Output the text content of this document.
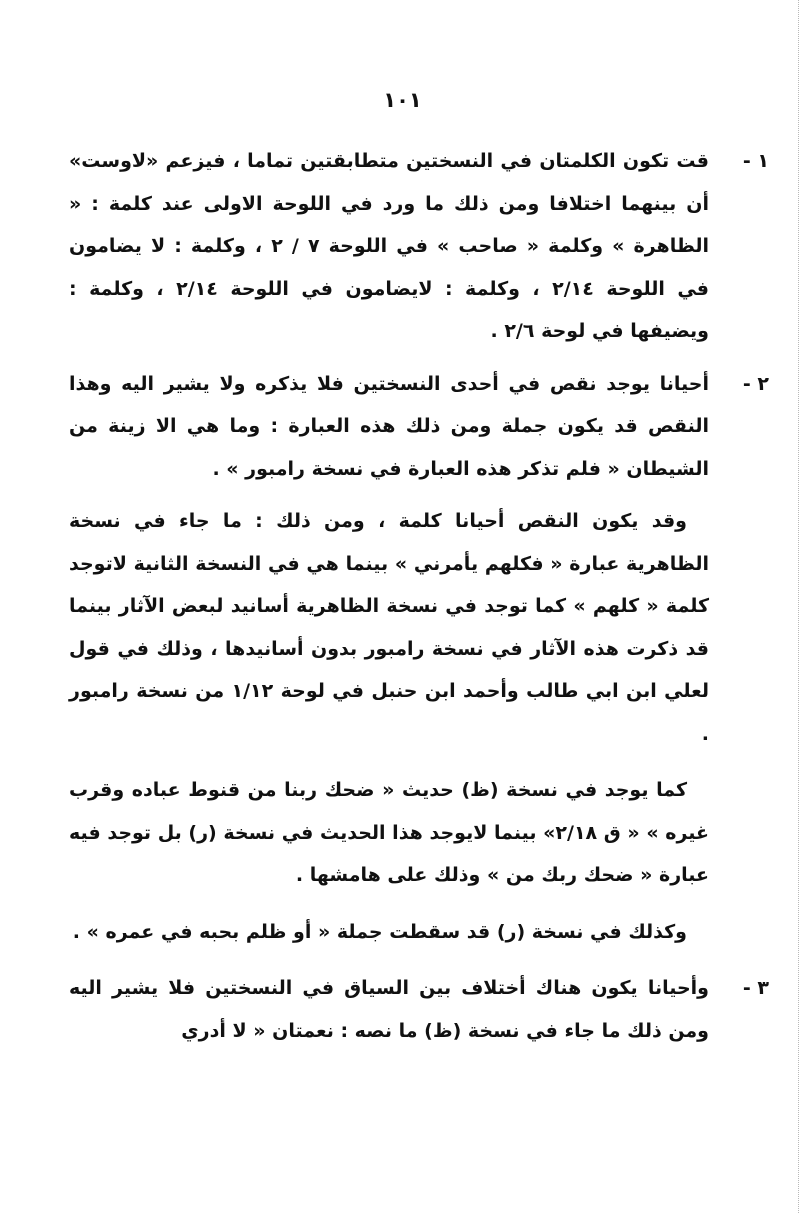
١٠١
١ -

قت تكون الكلمتان في النسختين متطابقتين تماما ، فيزعم «لاوست» أن بينهما اختلافا ومن ذلك ما ورد في اللوحة الاولى عند كلمة : « الظاهرة » وكلمة « صاحب » في اللوحة ٧ / ٢ ، وكلمة : لا يضامون في اللوحة ٢/١٤ ، وكلمة : لايضامون في اللوحة ٢/١٤ ، وكلمة : ويضيفها في لوحة ٢/٦ .

٢ -

أحيانا يوجد نقص في أحدى النسختين فلا يذكره ولا يشير اليه وهذا النقص قد يكون جملة ومن ذلك هذه العبارة : وما هي الا زينة من الشيطان « فلم تذكر هذه العبارة في نسخة رامبور » .

وقد يكون النقص أحيانا كلمة ، ومن ذلك : ما جاء في نسخة الظاهرية عبارة « فكلهم يأمرني » بينما هي في النسخة الثانية لاتوجد كلمة « كلهم » كما توجد في نسخة الظاهرية أسانيد لبعض الآثار بينما قد ذكرت هذه الآثار في نسخة رامبور بدون أسانيدها ، وذلك في قول لعلي ابن ابي طالب وأحمد ابن حنبل في لوحة ١/١٢ من نسخة رامبور .

كما يوجد في نسخة (ظ) حديث « ضحك ربنا من قنوط عباده وقرب غيره » « ق ٢/١٨» بينما لايوجد هذا الحديث في نسخة (ر) بل توجد فيه عبارة « ضحك ربك من » وذلك على هامشها .

وكذلك في نسخة (ر) قد سقطت جملة « أو ظلم بحبه في عمره » .

٣ -

وأحيانا يكون هناك أختلاف بين السياق في النسختين فلا يشير اليه ومن ذلك ما جاء في نسخة (ظ) ما نصه : نعمتان « لا أدري
